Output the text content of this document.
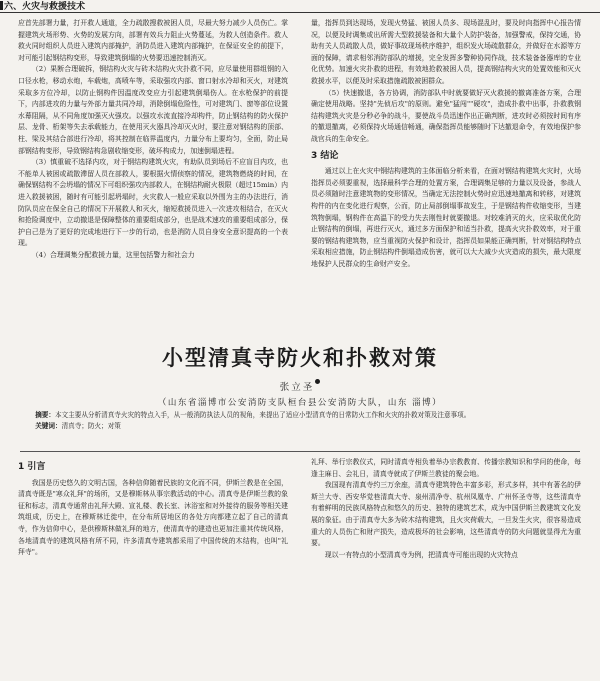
六、火灾与救援技术

应首先部署力量，打开救人通道，全力疏散搜救被困人员，尽最大努力减少人员伤亡。掌握建筑火场形势、火势的发展方向，部署有效兵力阻止火势蔓延，为救人创造条件。救人救火同时组织人员进入建筑内部掩护，消防员进入建筑内部掩护，在保证安全的前提下，对可能引起钢结构变形，导致建筑倒塌的火势要迅速控制消灭。

（2）果断合理破拆，钢结构火灾与砖木结构火灾扑救不同，应尽量使用群组钢的入口径水枪，移动水炮，车载炮，高喷车等，采取强攻内部、窗口射水冷却和灭火，对建筑采取多方位冷却，以防止钢构件因温度改变应力引起建筑倒塌伤人。在水枪保护的前提下，内部进攻的力量与外部力量共同冷却，消除倒塌危险性，可对建筑门、窗等部位设置水幕阻隔，从不同角度加强灭火强攻。以强攻水流直接冷却构件，防止钢结构的防火保护层、龙骨、桁架等失去承载能力，在使用灭火器具冷却灭火时，要注意对钢结构的顶部、柱、梁及其结合部进行冷却，将其控制在临界温度内，力量分布上要均匀，全面，防止局部钢结构变形，导致钢结构急剧收缩变形，破坏构成力，加速倒塌进程。

（3）慎重破不选择内攻，对于钢结构建筑火灾，有助队员到场后不应盲目内攻，也不能单人被困或疏散滞留人员在部救人，要根据火情侦察的情况，建筑物燃烧的时间，在确保钢结构不会坍塌的情况下可组织强攻内部救人，在钢结构耐火极限（超过15min）内进入救援被困，随时有可能引起坍塌时，火灾救人一般应采取以外围为主的办法进行，消防队员应在保全自己的情况下开展救人和灭火，缩短救援员进入一次进攻相结合，在灭火和抢险调度中，立动撤退是保障整体的重要组成部分，也是战术速攻的重要组成部分，保护自己是为了更好的完成地进行下一步的行动，也是消防人员自身安全意识提高的一个表现。

（4）合理调集分配救援力量，这里包括警力和社会力

量，指挥员到达现场，发现火势猛、被困人员多、现场混乱时，要及时向指挥中心报告情况，以便及时调集或出所需大型救援装备和大量个人防护装备，加强警戒，保持交通，协助有关人员疏散人员，做好事故现场秩序维护，组织发火场疏散群众，并做好在水源等方面的保障，请求相邻消防部队的增援，完全发挥多警种协同作战，技术装备备器库的专业化优势。加速火灾扑救的进程，有效地抢救被困人员，提高钢结构火灾的处置效能和灭火救援水平，以便及时采取措施疏散被困群众。

（5）快速撤退，各方协调，消防部队中时就要做好灭火救援的撤离准备方案，合理确定使用战略。坚持"先侦后攻"的原则。避免"猛闯""硬攻"，造成扑救中出事，扑救教钢结构建筑火灾是分秒必争的战斗，要使战斗员迅速作出正确判断，进攻时必须按时间有序的撤退撤离，必须保持火场通信畅通，确保指挥员能够随时下达撤退命令，有效地保护参战官兵的生命安全。

3 结论

通过以上在火灾中钢结构建筑的主体面临分析来看，在面对钢结构建筑火灾时，火场指挥员必须要重视，选择最科学合理的处置方案，合理调集足够的力量以及设备，参战人员必须随时注意建筑物的变形情况，当确定无法控制火势时应迅速地撤离和转移，对建筑构件的内在变化进行观察，公而，防止局部倒塌事故发生，于是钢结构件收缩变形，当建筑物倒塌，钢构件在高温下的受力失去刚性时就要撤退。对较难消灭的火，应采取优化防止钢结构的倒塌，再进行灭火，通过多方面保护和适当扑救，提高火灾扑救效率，对于重要的钢结构建筑物，应当重视防火保护和设计，指挥员如果能正确判断，针对钢结构特点采取相应措施，防止钢结构件倒塌造成伤害，就可以大大减少火灾造成的损失，最大限度地保护人民群众的生命财产安全。

小型清真寺防火和扑救对策
张立圣
（山东省淄博市公安消防支队桓台县公安消防大队，山东 淄博）

摘要：本文主要从分析清真寺火灾的特点入手，从一般消防执法人员的视角，来提出了适应小型清真寺的日常防火工作和火灾的扑救对策及注意事项。

关键词：清真寺；防火；对策

1 引言

我国是历史悠久的文明古国，各种信仰随着民族的文化而不同，伊斯兰教是在全国，清真寺既是"寒众礼拜"的场所，又是穆斯林从事宗教活动的中心。清真寺是伊斯兰教的象征和标志，清真寺通常由礼拜大殿、宣礼楼、教长室、沐浴室和对外接待的服务等相关建筑组成，历史上，在穆斯林迁徙中，在分布所居地区的各处方向都建立起了自己的清真寺，作为信仰中心，是供穆斯林做礼拜的地方，使清真寺的建造也更加注重其传统风格，各地清真寺的建筑风格有所不同，许多清真寺建筑都采用了中国传统的木结构，也叫"礼拜寺"。

礼拜、举行宗教仪式，同时清真寺相负着举办宗教教育、传播宗教知识和学问的使命，每逢主麻日、会礼日，清真寺就成了伊斯兰教徒的聚会地。

我国现有清真寺约三万余座，清真寺建筑特色丰富多彩，形式多样，其中有著名的伊斯兰大寺、西安华觉巷清真大寺、泉州清净寺、杭州凤凰寺、广州怀圣寺等，这些清真寺有着鲜明的民族风格特点和悠久的历史、独特的建筑艺术，成为中国伊斯兰教建筑文化发展的象征。由于清真寺大多为砖木结构建筑，且火灾荷载大，一旦发生火灾，很容易造成重大的人员伤亡和财产损失，造成极坏的社会影响，这些清真寺的防火问题就显得尤为重要。

现以一有特点的小型清真寺为例，把清真寺可能出现的火灾特点
